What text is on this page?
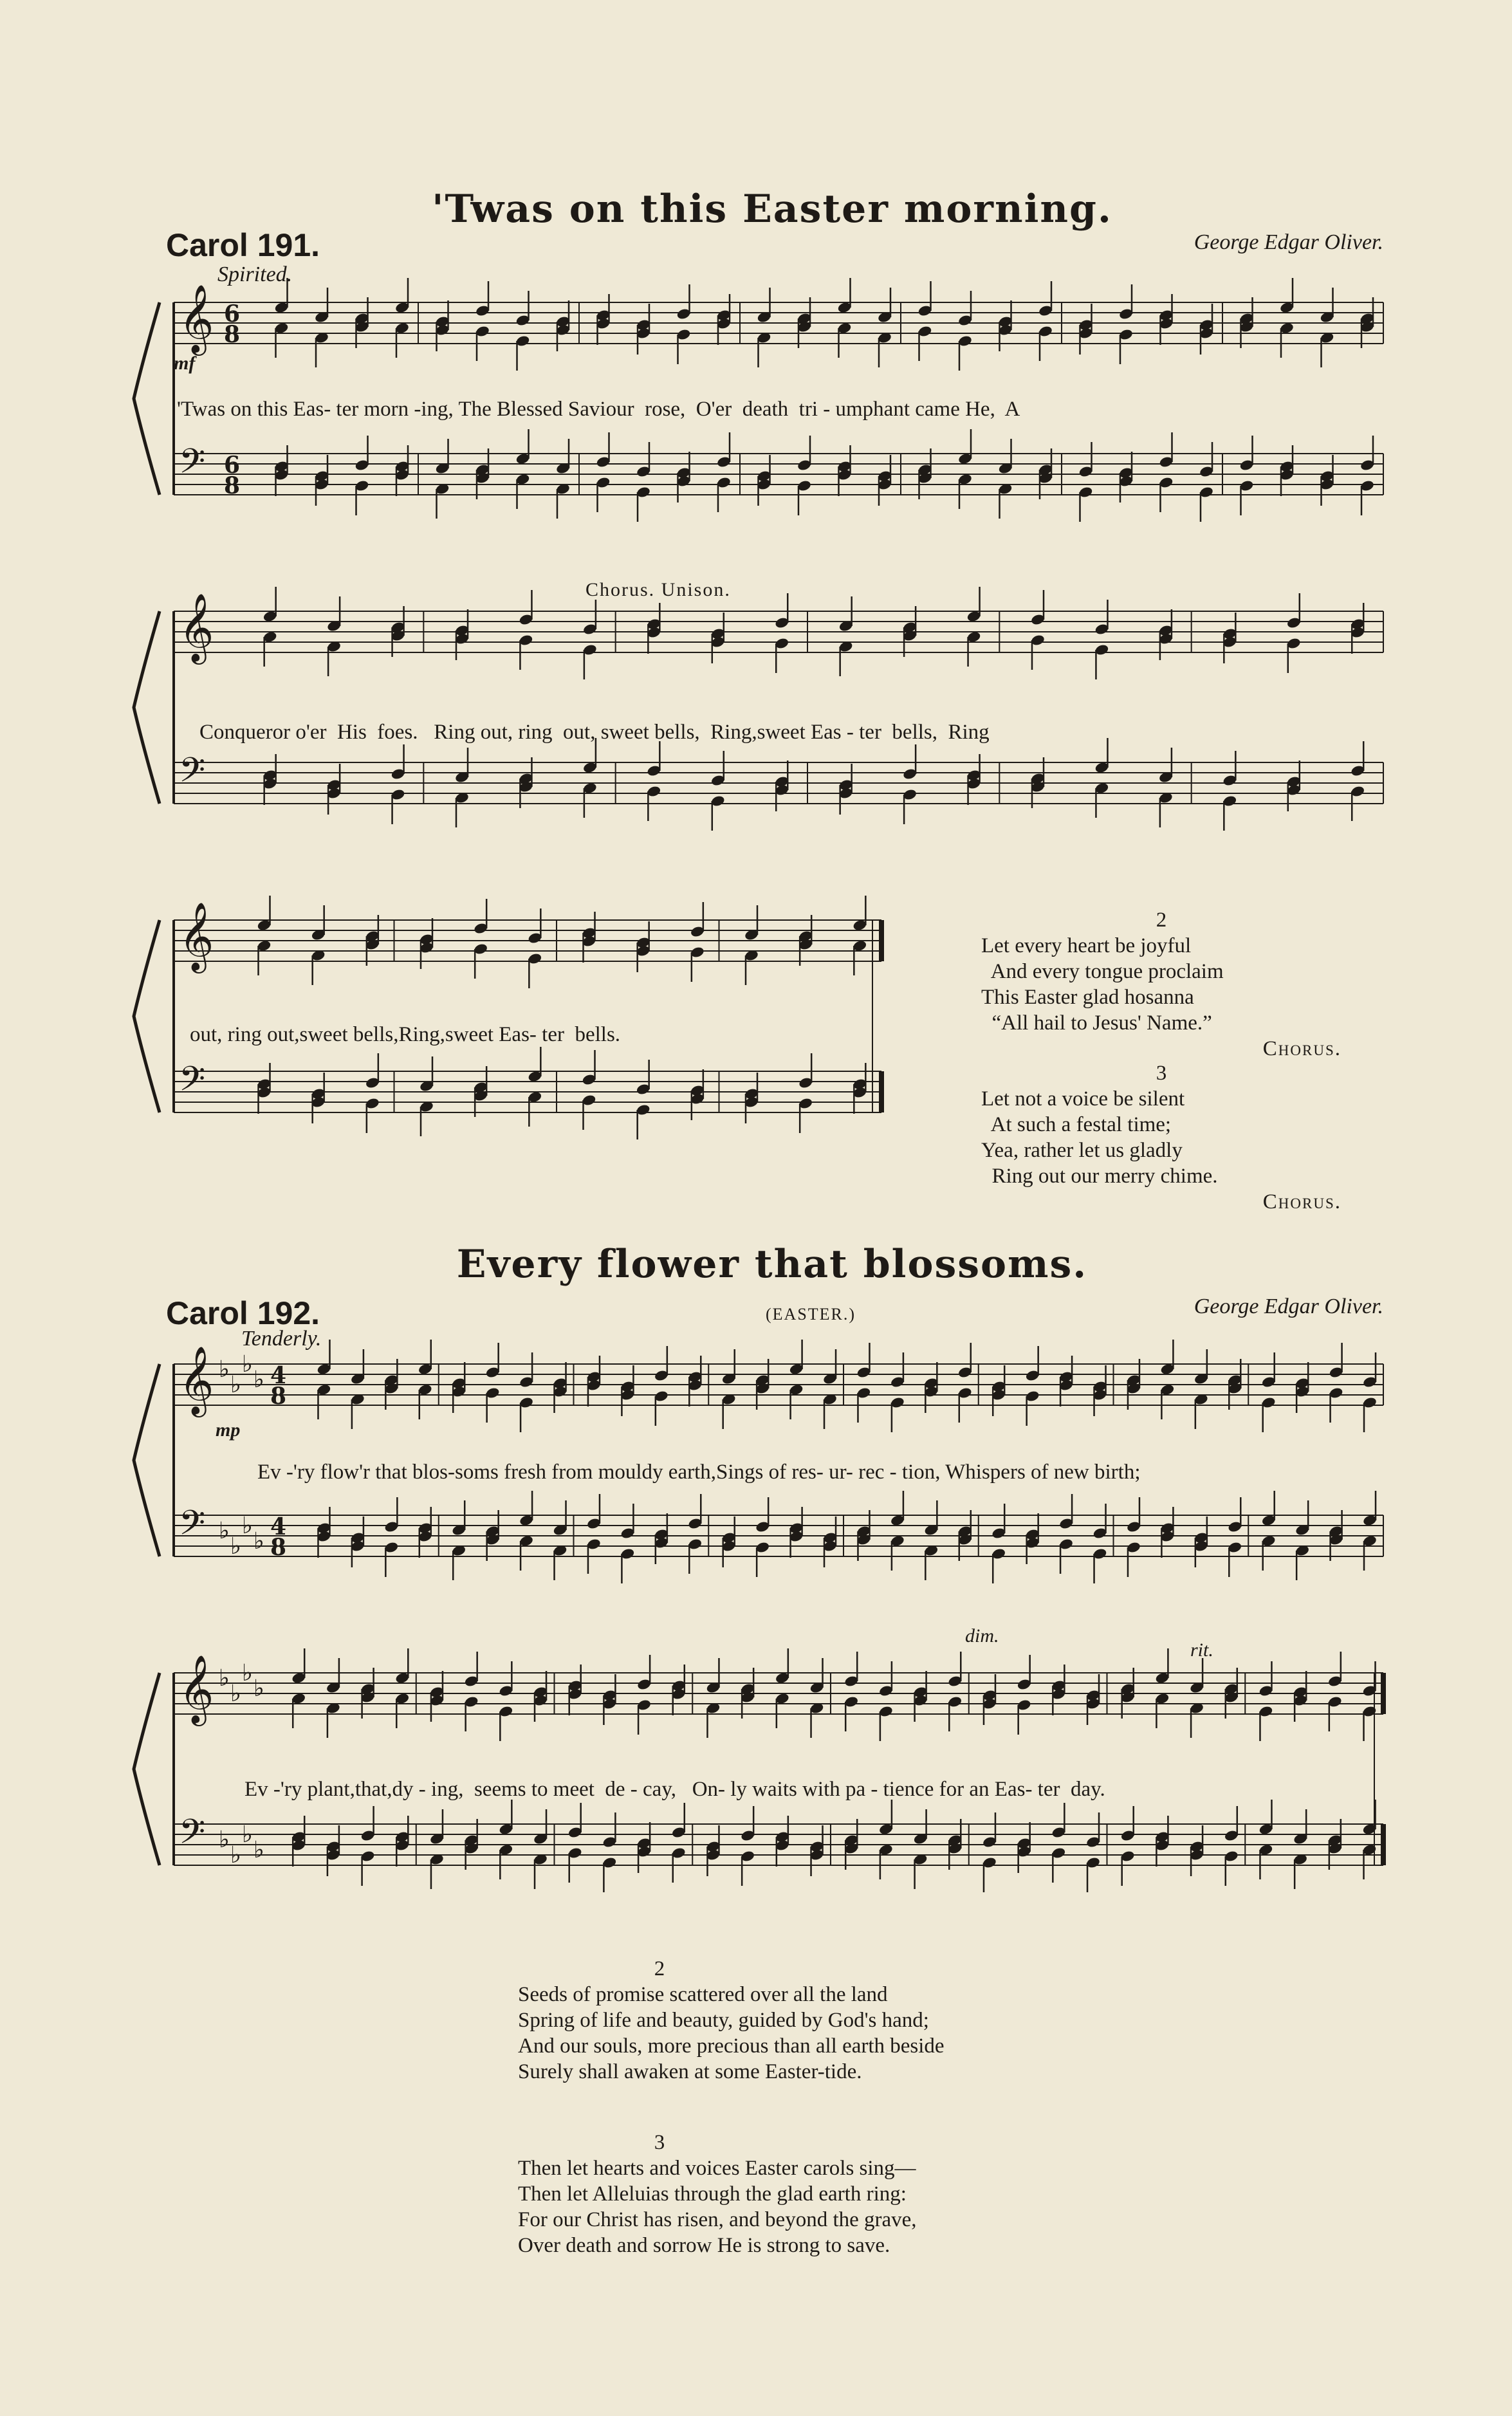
'Twas on this Easter morning.
Carol 191.	George Edgar Oliver.
Spirited.
𝄞 6
8
𝄢 6
8
mf
'Twas on this Eas- ter morn -ing, The Blessed Saviour  rose,  O'er  death  tri - umphant came He,  A
Chorus. Unison.
𝄞
𝄢
Conqueror o'er  His  foes.   Ring out, ring  out, sweet bells,  Ring,sweet Eas - ter  bells,  Ring
𝄞
𝄢
out, ring out,sweet bells,Ring,sweet Eas- ter  bells.
2
Let every heart be joyful
And every tongue proclaim
This Easter glad hosanna
“All hail to Jesus' Name.”
Chorus.
3
Let not a voice be silent
At such a festal time;
Yea, rather let us gladly
Ring out our merry chime.
Chorus.
Every flower that blossoms.
Carol 192.	(EASTER.)	George Edgar Oliver.
Tenderly.
𝄞 ♭
♭
♭
♭ 4
8
𝄢 ♭
♭
♭
♭
4
8
mp
Ev -'ry flow'r that blos-soms fresh from mouldy earth,Sings of res- ur- rec - tion, Whispers of new birth;
dim.
rit.
𝄞 ♭
♭
♭
♭
𝄢 ♭
♭
♭
♭
Ev -'ry plant,that,dy - ing,  seems to meet  de - cay,   On- ly waits with pa - tience for an Eas- ter  day.
2
Seeds of promise scattered over all the land
Spring of life and beauty, guided by God's hand;
And our souls, more precious than all earth beside
Surely shall awaken at some Easter-tide.
3
Then let hearts and voices Easter carols sing—
Then let Alleluias through the glad earth ring:
For our Christ has risen, and beyond the grave,
Over death and sorrow He is strong to save.
